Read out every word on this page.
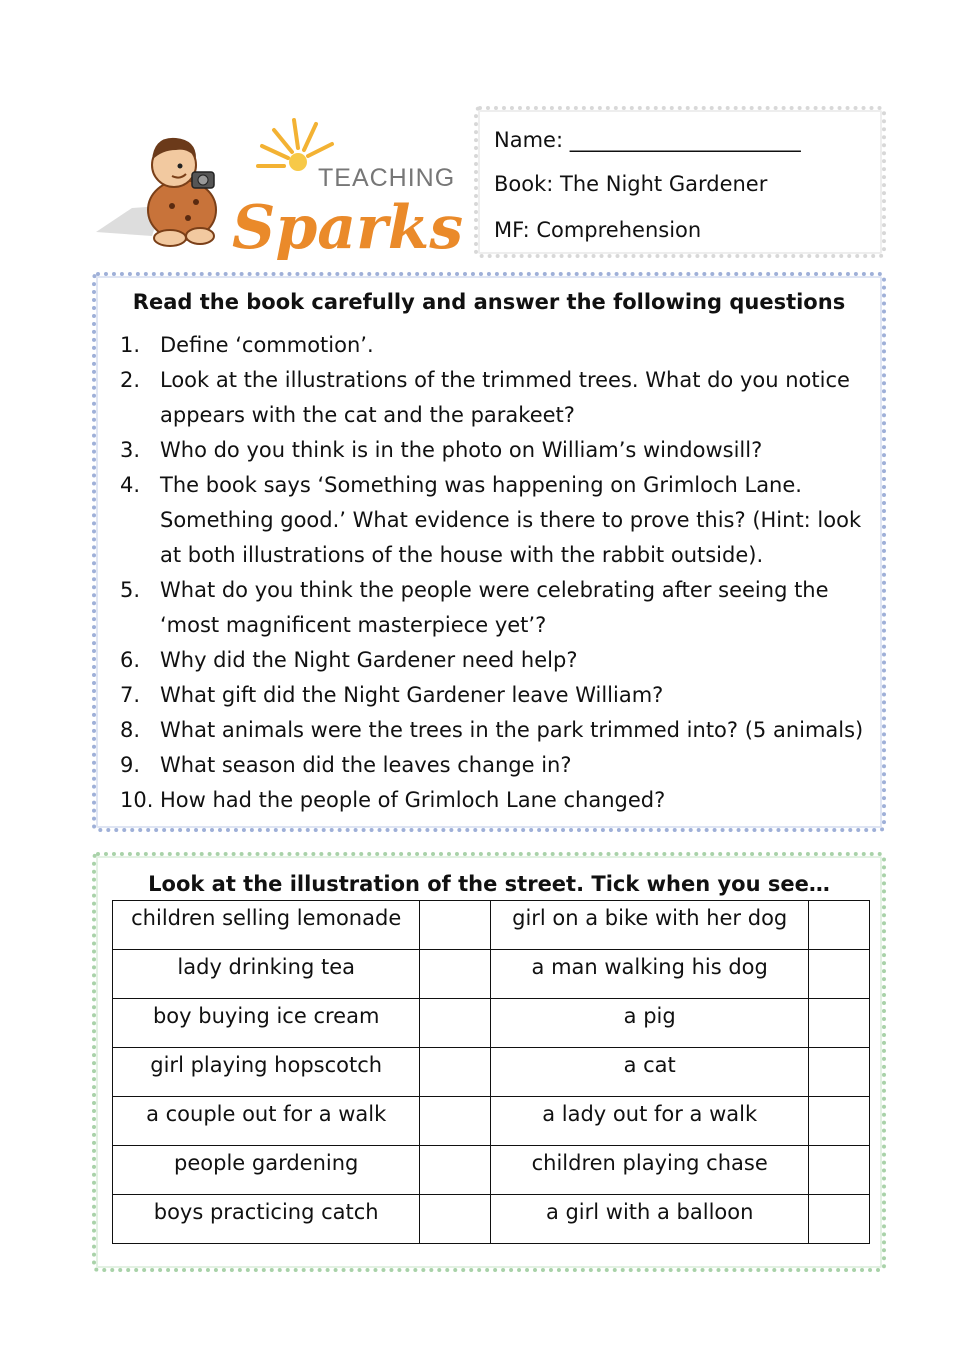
TEACHING
Sparks
Name: ______________________
Book: The Night Gardener
MF: Comprehension
Read the book carefully and answer the following questions
1. Define ‘commotion’.
2. Look at the illustrations of the trimmed trees. What do you notice appears with the cat and the parakeet?
3. Who do you think is in the photo on William’s windowsill?
4. The book says ‘Something was happening on Grimloch Lane. Something good.’ What evidence is there to prove this? (Hint: look at both illustrations of the house with the rabbit outside).
5. What do you think the people were celebrating after seeing the ‘most magnificent masterpiece yet’?
6. Why did the Night Gardener need help?
7. What gift did the Night Gardener leave William?
8. What animals were the trees in the park trimmed into? (5 animals)
9. What season did the leaves change in?
10. How had the people of Grimloch Lane changed?
Look at the illustration of the street. Tick when you see…
children selling lemonade		girl on a bike with her dog	
lady drinking tea		a man walking his dog	
boy buying ice cream		a pig	
girl playing hopscotch		a cat	
a couple out for a walk		a lady out for a walk	
people gardening		children playing chase	
boys practicing catch		a girl with a balloon	
